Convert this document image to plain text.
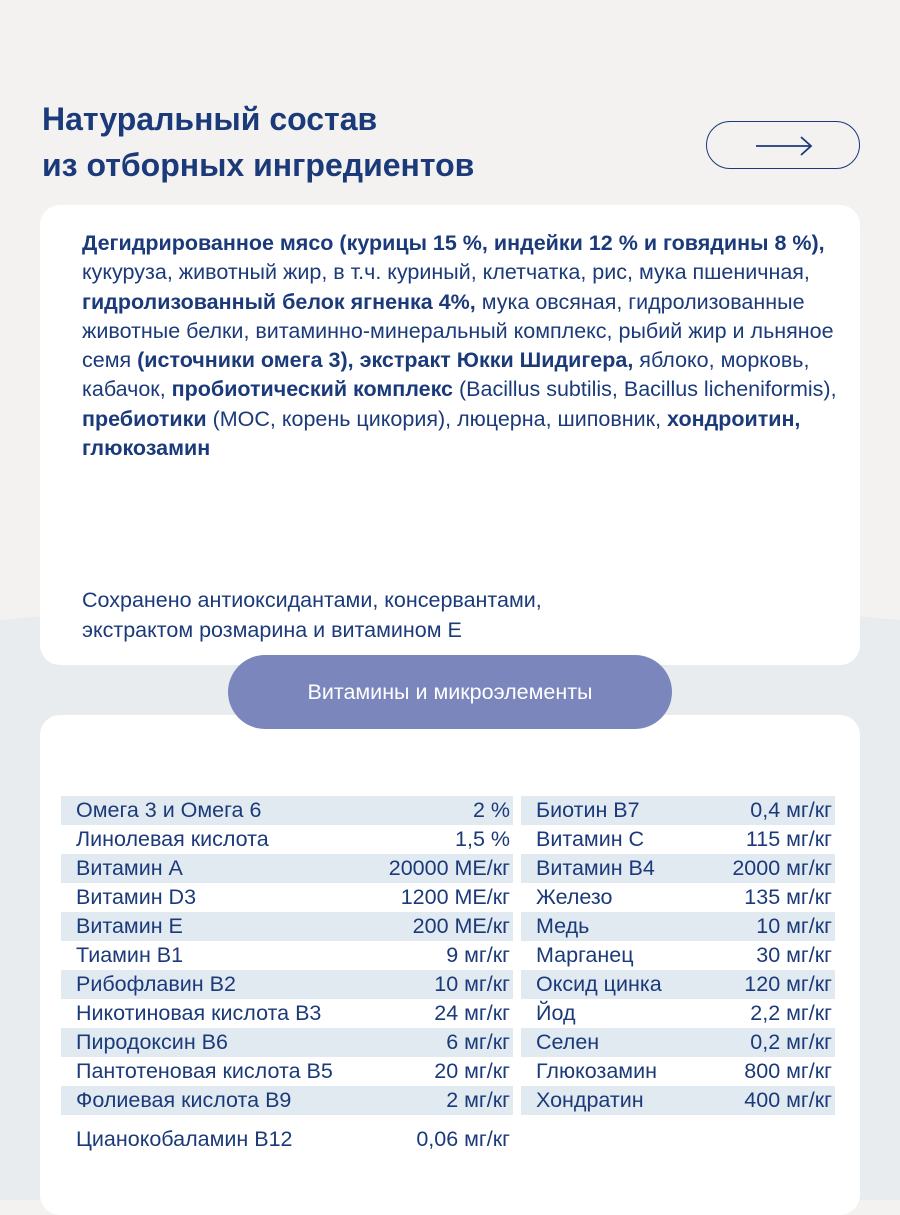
Натуральный состав
из отборных ингредиентов

Дегидрированное мясо (курицы 15 %, индейки 12 % и говядины 8 %), кукуруза, животный жир, в т.ч. куриный, клетчатка, рис, мука пшеничная, гидролизованный белок ягненка 4%, мука овсяная, гидролизованные животные белки, витаминно-минеральный комплекс, рыбий жир и льняное семя (источники омега 3), экстракт Юкки Шидигера, яблоко, морковь, кабачок, пробиотический комплекс (Bacillus subtilis, Bacillus licheniformis), пребиотики (МОС, корень цикория), люцерна, шиповник, хондроитин, глюкозамин

Сохранено антиоксидантами, консервантами,
экстрактом розмарина и витамином Е

Омега 3 и Омега 6	2 %
Линолевая кислота	1,5 %
Витамин А	20000 МЕ/кг
Витамин D3	1200 МЕ/кг
Витамин Е	200 МЕ/кг
Тиамин В1	9 мг/кг
Рибофлавин В2	10 мг/кг
Никотиновая кислота В3	24 мг/кг
Пиродоксин В6	6 мг/кг
Пантотеновая кислота В5	20 мг/кг
Фолиевая кислота В9	2 мг/кг
Цианокобаламин В12	0,06 мг/кг
Биотин В7	0,4 мг/кг
Витамин С	115 мг/кг
Витамин В4	2000 мг/кг
Железо	135 мг/кг
Медь	10 мг/кг
Марганец	30 мг/кг
Оксид цинка	120 мг/кг
Йод	2,2 мг/кг
Селен	0,2 мг/кг
Глюкозамин	800 мг/кг
Хондратин	400 мг/кг
Витамины и микроэлементы
